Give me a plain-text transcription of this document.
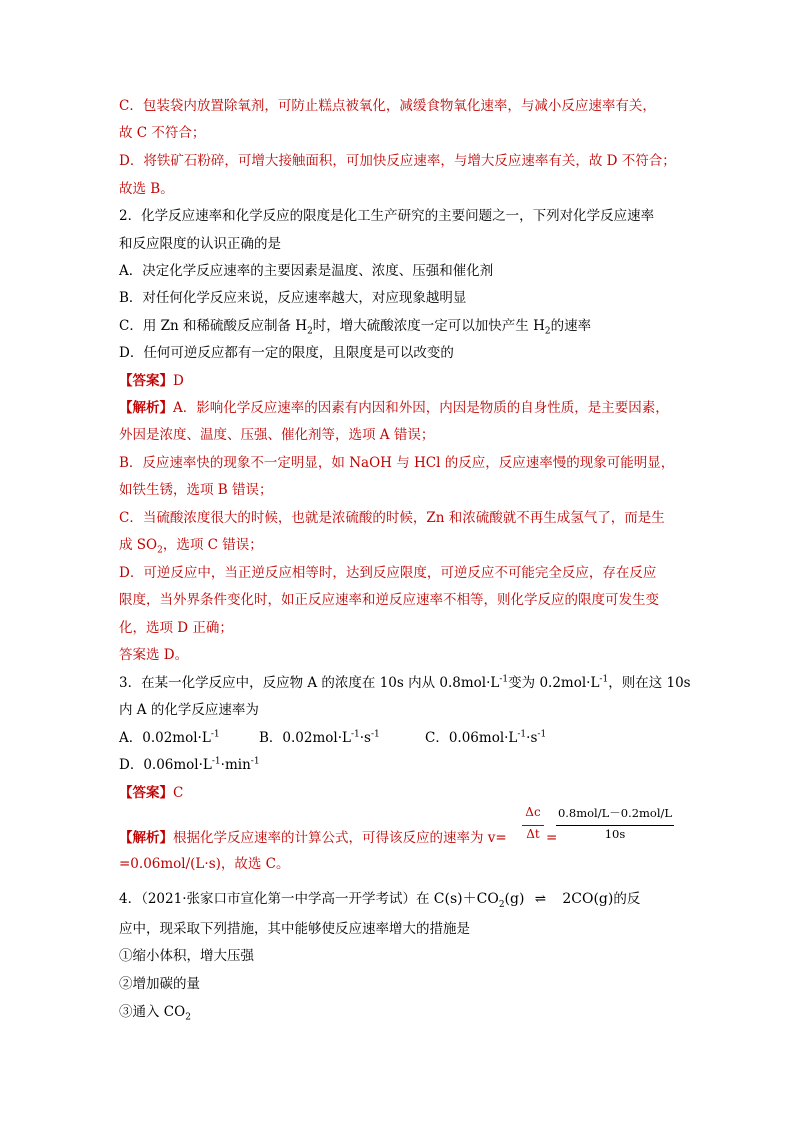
C．包装袋内放置除氧剂，可防止糕点被氧化，减缓食物氧化速率，与减小反应速率有关，
故 C 不符合；
D．将铁矿石粉碎，可增大接触面积，可加快反应速率，与增大反应速率有关，故 D 不符合；
故选 B。
2．化学反应速率和化学反应的限度是化工生产研究的主要问题之一，下列对化学反应速率
和反应限度的认识正确的是
A．决定化学反应速率的主要因素是温度、浓度、压强和催化剂
B．对任何化学反应来说，反应速率越大，对应现象越明显
C．用 Zn 和稀硫酸反应制备 $H_2$时，增大硫酸浓度一定可以加快产生 $H_2$的速率
D．任何可逆反应都有一定的限度，且限度是可以改变的
【答案】D
【解析】A．影响化学反应速率的因素有内因和外因，内因是物质的自身性质，是主要因素，
外因是浓度、温度、压强、催化剂等，选项 A 错误；
B．反应速率快的现象不一定明显，如 NaOH 与 HCl 的反应，反应速率慢的现象可能明显，
如铁生锈，选项 B 错误；
C．当硫酸浓度很大的时候，也就是浓硫酸的时候，Zn 和浓硫酸就不再生成氢气了，而是生
成 $SO_2$，选项 C 错误；
D．可逆反应中，当正逆反应相等时，达到反应限度，可逆反应不可能完全反应，存在反应
限度，当外界条件变化时，如正反应速率和逆反应速率不相等，则化学反应的限度可发生变
化，选项 D 正确；
答案选 D。
3．在某一化学反应中，反应物 A 的浓度在 10s 内从 $0.8mol\cdot L^{-1}$变为 $0.2mol\cdot L^{-1}$，则在这 10s
内 A 的化学反应速率为
A．$0.02mol\cdot L^{-1}$	B．$0.02mol\cdot L^{-1}\cdot s^{-1}$	C．$0.06mol\cdot L^{-1}\cdot s^{-1}$
D．$0.06mol\cdot L^{-1}\cdot\min^{-1}$
【答案】C
【解析】根据化学反应速率的计算公式，可得该反应的速率为 v=
Δc
Δt =
0.8mol/L－0.2mol/L
10s
=0.06mol/(L·s)，故选 C。
4．（2021·张家口市宣化第一中学高一开学考试）在 $C(s)+CO_2(g)$ ⇌ 2CO(g)的反
应中，现采取下列措施，其中能够使反应速率增大的措施是
①缩小体积，增大压强
②增加碳的量
③通入 $CO_2$
